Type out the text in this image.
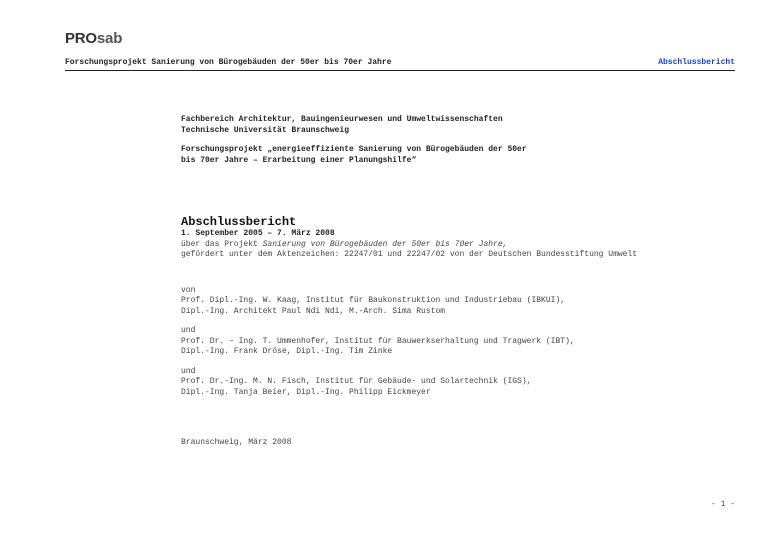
PROsab
Forschungsprojekt Sanierung von Bürogebäuden der 50er bis 70er Jahre	Abschlussbericht
Fachbereich Architektur, Bauingenieurwesen und Umweltwissenschaften
Technische Universität Braunschweig
Forschungsprojekt „energieeffiziente Sanierung von Bürogebäuden der 50er
bis 70er Jahre – Erarbeitung einer Planungshilfe“
Abschlussbericht
1. September 2005 – 7. März 2008
über das Projekt Sanierung von Bürogebäuden der 50er bis 70er Jahre,
gefördert unter dem Aktenzeichen: 22247/01 und 22247/02 von der Deutschen Bundesstiftung Umwelt
von
Prof. Dipl.-Ing. W. Kaag, Institut für Baukonstruktion und Industriebau (IBKUI),
Dipl.-Ing. Architekt Paul Ndi Ndi, M.-Arch. Sima Rustom
und
Prof. Dr. – Ing. T. Ummenhofer, Institut für Bauwerkserhaltung und Tragwerk (IBT),
Dipl.-Ing. Frank Dröse, Dipl.-Ing. Tim Zinke
und
Prof. Dr.-Ing. M. N. Fisch, Institut für Gebäude- und Solartechnik (IGS),
Dipl.-Ing. Tanja Beier, Dipl.-Ing. Philipp Eickmeyer
Braunschweig, März 2008
- 1 -
